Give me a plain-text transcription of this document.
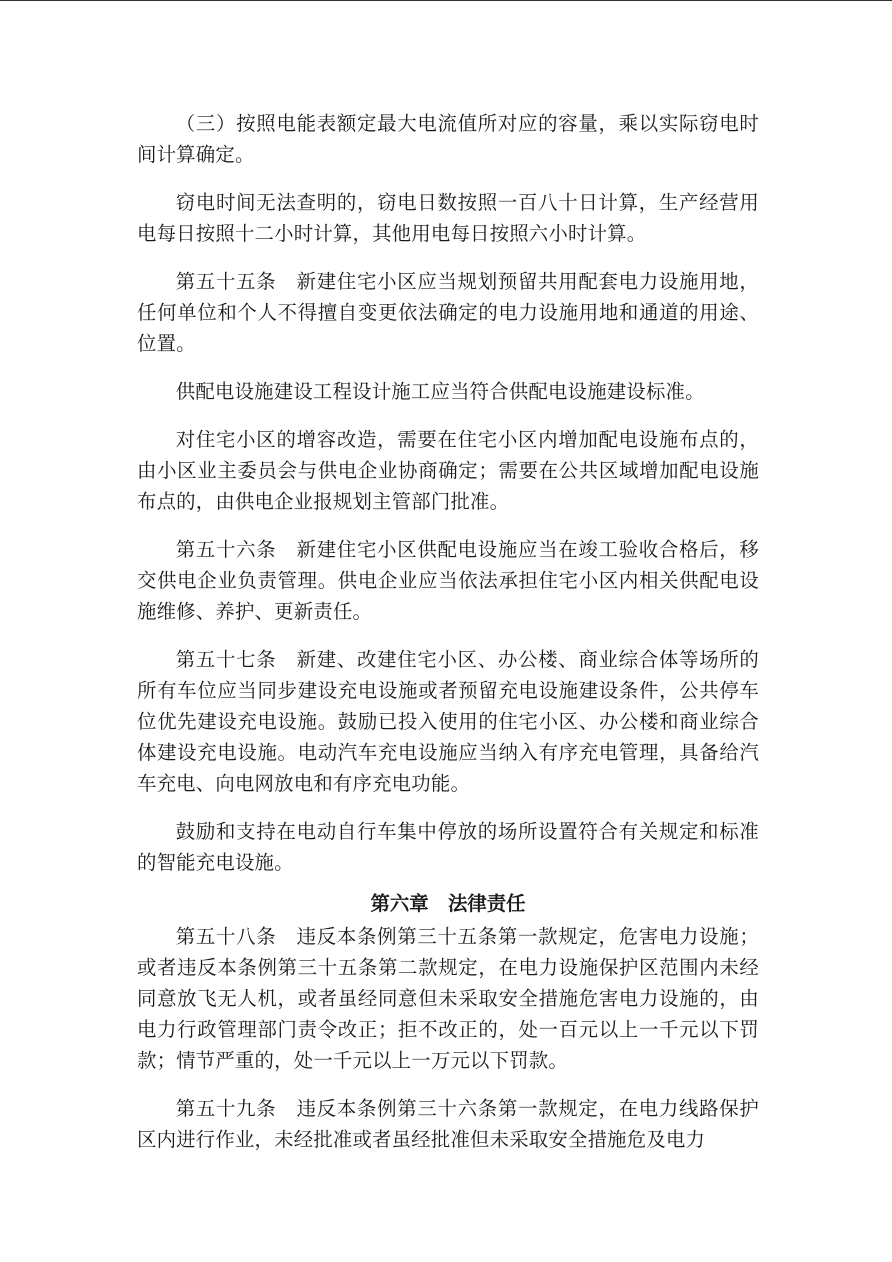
（三）按照电能表额定最大电流值所对应的容量，乘以实际窃电时间计算确定。

窃电时间无法查明的，窃电日数按照一百八十日计算，生产经营用电每日按照十二小时计算，其他用电每日按照六小时计算。

第五十五条　新建住宅小区应当规划预留共用配套电力设施用地，任何单位和个人不得擅自变更依法确定的电力设施用地和通道的用途、位置。

供配电设施建设工程设计施工应当符合供配电设施建设标准。

对住宅小区的增容改造，需要在住宅小区内增加配电设施布点的，由小区业主委员会与供电企业协商确定；需要在公共区域增加配电设施布点的，由供电企业报规划主管部门批准。

第五十六条　新建住宅小区供配电设施应当在竣工验收合格后，移交供电企业负责管理。供电企业应当依法承担住宅小区内相关供配电设施维修、养护、更新责任。

第五十七条　新建、改建住宅小区、办公楼、商业综合体等场所的所有车位应当同步建设充电设施或者预留充电设施建设条件，公共停车位优先建设充电设施。鼓励已投入使用的住宅小区、办公楼和商业综合体建设充电设施。电动汽车充电设施应当纳入有序充电管理，具备给汽车充电、向电网放电和有序充电功能。

鼓励和支持在电动自行车集中停放的场所设置符合有关规定和标准的智能充电设施。

第六章　法律责任

第五十八条　违反本条例第三十五条第一款规定，危害电力设施；或者违反本条例第三十五条第二款规定，在电力设施保护区范围内未经同意放飞无人机，或者虽经同意但未采取安全措施危害电力设施的，由电力行政管理部门责令改正；拒不改正的，处一百元以上一千元以下罚款；情节严重的，处一千元以上一万元以下罚款。

第五十九条　违反本条例第三十六条第一款规定，在电力线路保护区内进行作业，未经批准或者虽经批准但未采取安全措施危及电力
